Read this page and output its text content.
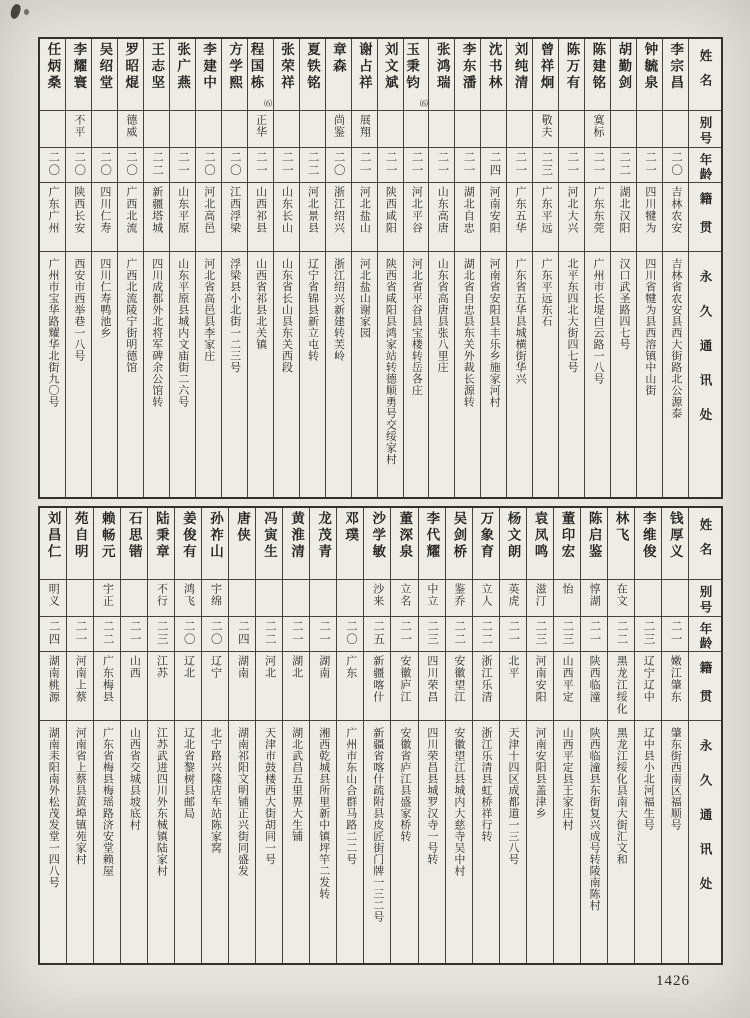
姓名
别号
年龄
籍贯
永久通讯处
李宗昌
二〇
吉林农安
吉林省农安县西大街路北公源泰
钟毓泉
二一
四川犍为
四川省犍为县西溶镇中山街
胡勤剑
二二
湖北汉阳
汉口武圣路四七号
陈建铭
寞标
二一
广东东莞
广州市长堤白云路一八号
陈万有
二一
河北大兴
北平东四北大街四七号
曾祥炯
敬夫
二三
广东平远
广东平远东石
刘纯清
二一
广东五华
广东省五华县城横街华兴
沈书林
二四
河南安阳
河南省安阳县丰乐乡施家河村
李东潘
二一
湖北自忠
湖北省自忠县东关外裁长源转
张鸿瑞
二一
山东高唐
山东省高唐县张八里庄
玉秉钧
⑹
二一
河北平谷
河北省平谷县宝楼转岳各庄
刘文斌
二一
陕西咸阳
陕西省咸阳县鸿家站转德顺勇号交绥家村
谢占祥
展翔
二一
河北盐山
河北盐山谢家园
章森
尚鉴
二〇
浙江绍兴
浙江绍兴新建转芙岭
夏铁铭
二二
河北景县
辽宁省锦县新立屯转
张荣祥
二一
山东长山
山东省长山县东关西段
程国栋
⑹
正华
二一
山西祁县
山西省祁县北关镇
方学熙
二〇
江西浮梁
浮梁县小北街一二三号
李建中
二〇
河北高邑
河北省高邑县李家庄
张广燕
二一
山东平原
山东平原县城内文庙街二六号
王志坚
二二
新疆塔城
四川成都外北将军碑余公馆转
罗昭焜
德威
二〇
广西北流
广西北流陵宁街明德馆
吴绍堂
二〇
四川仁寿
四川仁寿鸭池乡
李耀寰
不平
二〇
陕西长安
西安市西举巷一八号
任炳桑
二〇
广东广州
广州市宝华路耀华北街九〇号
姓名
别号
年龄
籍贯
永久通讯处
钱厚义
二一
嫩江肇东
肇东街西南区福顺号
李维俊
二三
辽宁辽中
辽中县小北河福生号
林飞
在文
二二
黑龙江绥化
黑龙江绥化县南大街汇文和
陈启鉴
惇湖
二一
陕西临潼
陕西临潼县东街复兴成号转陵南陈村
董印宏
怡
二三
山西平定
山西平定县王家庄村
袁凤鸣
滋汀
二三
河南安阳
河南安阳县盖津乡
杨文朗
英虎
二一
北平
天津十四区成都道一三八号
万象育
立人
二二
浙江乐清
浙江乐清县虹桥祥行转
吴剑桥
鉴乔
二二
安徽望江
安徽望江县城内大慈寺吴中村
李代耀
中立
二三
四川荣昌
四川荣昌县城罗汉寺一号转
董深泉
立名
二一
安徽庐江
安徽省庐江县盛家桥转
沙学敏
沙来
二五
新疆喀什
新疆省喀什疏附县皮匠街门牌一三二号
邓璞
二〇
广东
广州市东山合群马路二二号
龙茂青
二一
湖南
湘西乾城县所里新中镇坪竿二发转
黄淮清
二一
湖北
湖北武昌五里界大生铺
冯寅生
二二
河北
天津市鼓楼西大街胡同一号
唐侠
二四
湖南
湖南祁阳文明铺正兴街同盛发
孙祚山
宇绵
二〇
辽宁
北宁路兴隆店车站陈家窝
姜俊有
鸿飞
二〇
辽北
辽北省黎树县邮局
陆秉章
不行
二三
江苏
江苏武进四川外东械镇陆家村
石思锴
二一
山西
山西省交城县坡底村
赖畅元
宇正
二二
广东梅县
广东省梅县梅瑶路济安堂赖屋
苑自明
二一
河南上蔡
河南省上蔡县黄埠镇苑家村
刘昌仁
明义
二四
湖南桃源
湖南耒阳南外松茂发堂一四八号
1426
